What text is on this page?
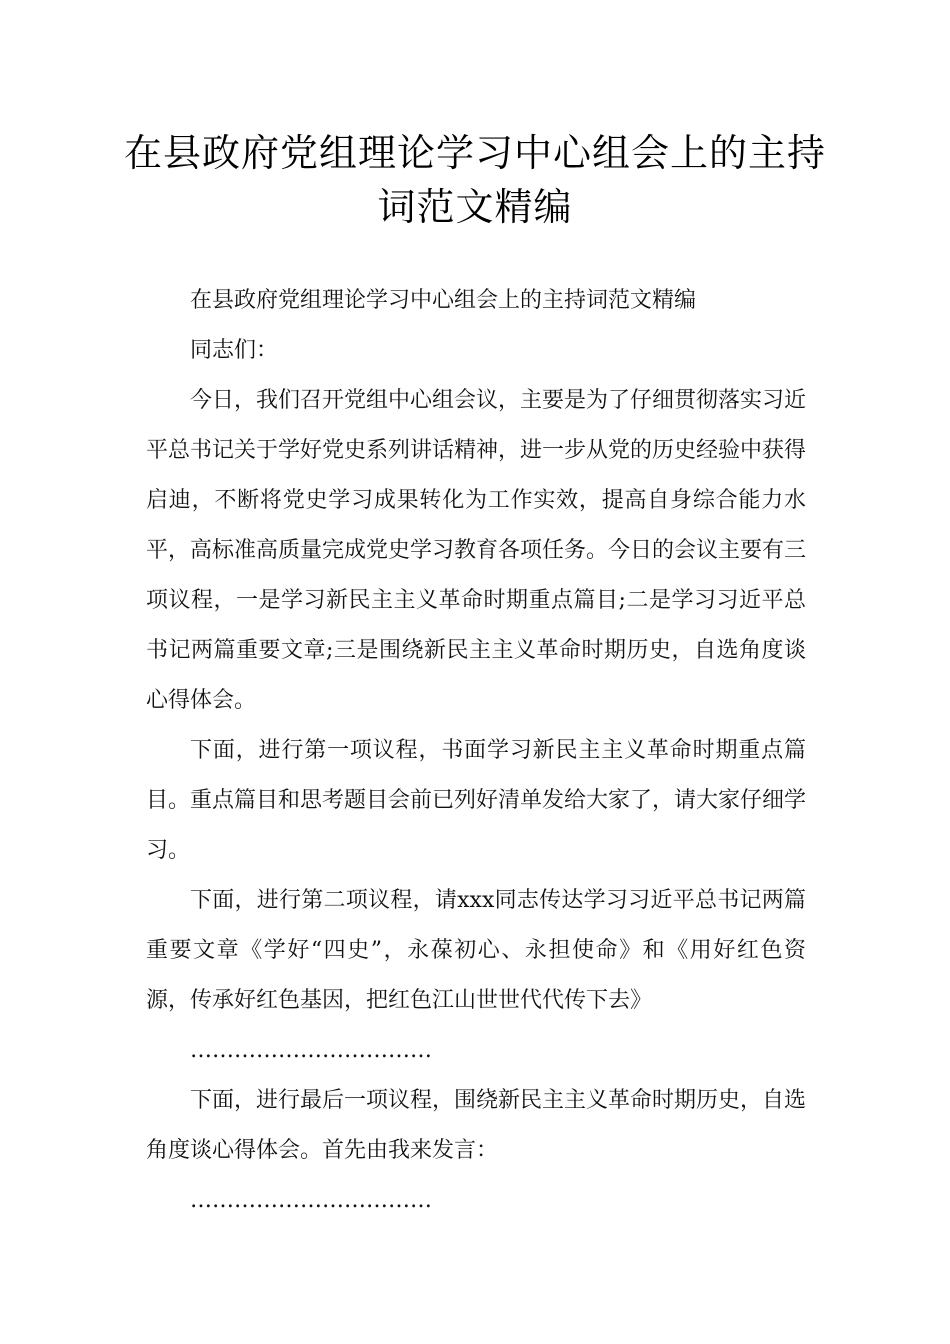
在县政府党组理论学习中心组会上的主持词范文精编

在县政府党组理论学习中心组会上的主持词范文精编

同志们：

今日，我们召开党组中心组会议，主要是为了仔细贯彻落实习近平总书记关于学好党史系列讲话精神，进一步从党的历史经验中获得启迪，不断将党史学习成果转化为工作实效，提高自身综合能力水平，高标准高质量完成党史学习教育各项任务。今日的会议主要有三项议程，一是学习新民主主义革命时期重点篇目;二是学习习近平总书记两篇重要文章;三是围绕新民主主义革命时期历史，自选角度谈心得体会。

下面，进行第一项议程，书面学习新民主主义革命时期重点篇目。重点篇目和思考题目会前已列好清单发给大家了，请大家仔细学习。

下面，进行第二项议程，请xxx同志传达学习习近平总书记两篇重要文章《学好“四史”，永葆初心、永担使命》和《用好红色资源，传承好红色基因，把红色江山世世代代传下去》

……………………………

下面，进行最后一项议程，围绕新民主主义革命时期历史，自选角度谈心得体会。首先由我来发言：

……………………………
